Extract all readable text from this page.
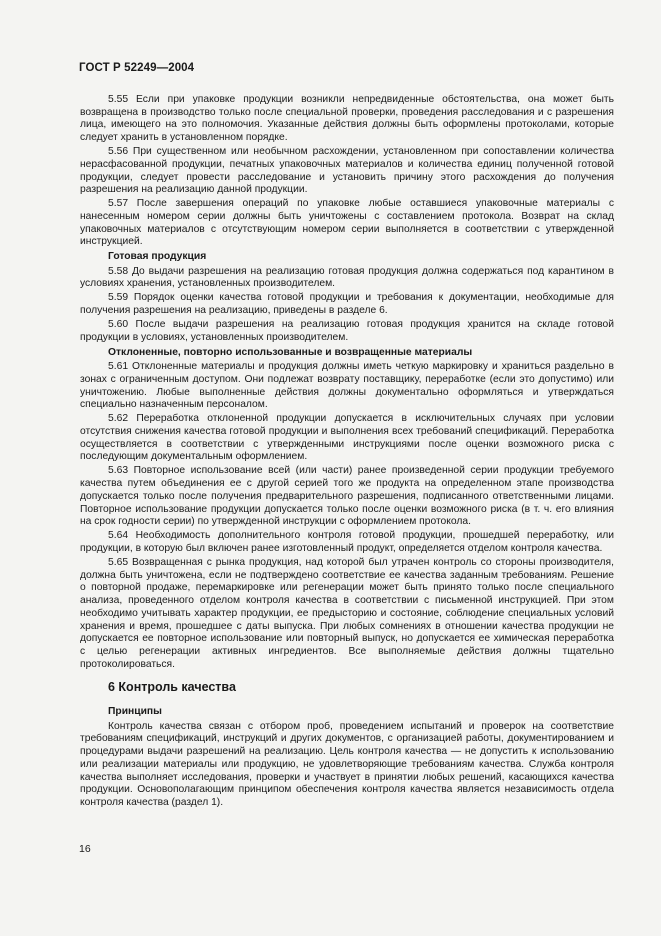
ГОСТ Р 52249—2004

5.55 Если при упаковке продукции возникли непредвиденные обстоятельства, она может быть возвращена в производство только после специальной проверки, проведения расследования и с разрешения лица, имеющего на это полномочия. Указанные действия должны быть оформлены протоколами, которые следует хранить в установленном порядке.

5.56 При существенном или необычном расхождении, установленном при сопоставлении количества нерасфасованной продукции, печатных упаковочных материалов и количества единиц полученной готовой продукции, следует провести расследование и установить причину этого расхождения до получения разрешения на реализацию данной продукции.

5.57 После завершения операций по упаковке любые оставшиеся упаковочные материалы с нанесенным номером серии должны быть уничтожены с составлением протокола. Возврат на склад упаковочных материалов с отсутствующим номером серии выполняется в соответствии с утвержденной инструкцией.

Готовая продукция

5.58 До выдачи разрешения на реализацию готовая продукция должна содержаться под карантином в условиях хранения, установленных производителем.

5.59 Порядок оценки качества готовой продукции и требования к документации, необходимые для получения разрешения на реализацию, приведены в разделе 6.

5.60 После выдачи разрешения на реализацию готовая продукция хранится на складе готовой продукции в условиях, установленных производителем.

Отклоненные, повторно использованные и возвращенные материалы

5.61 Отклоненные материалы и продукция должны иметь четкую маркировку и храниться раздельно в зонах с ограниченным доступом. Они подлежат возврату поставщику, переработке (если это допустимо) или уничтожению. Любые выполненные действия должны документально оформляться и утверждаться специально назначенным персоналом.

5.62 Переработка отклоненной продукции допускается в исключительных случаях при условии отсутствия снижения качества готовой продукции и выполнения всех требований спецификаций. Переработка осуществляется в соответствии с утвержденными инструкциями после оценки возможного риска с последующим документальным оформлением.

5.63 Повторное использование всей (или части) ранее произведенной серии продукции требуемого качества путем объединения ее с другой серией того же продукта на определенном этапе производства допускается только после получения предварительного разрешения, подписанного ответственными лицами. Повторное использование продукции допускается только после оценки возможного риска (в т. ч. его влияния на срок годности серии) по утвержденной инструкции с оформлением протокола.

5.64 Необходимость дополнительного контроля готовой продукции, прошедшей переработку, или продукции, в которую был включен ранее изготовленный продукт, определяется отделом контроля качества.

5.65 Возвращенная с рынка продукция, над которой был утрачен контроль со стороны производителя, должна быть уничтожена, если не подтверждено соответствие ее качества заданным требованиям. Решение о повторной продаже, перемаркировке или регенерации может быть принято только после специального анализа, проведенного отделом контроля качества в соответствии с письменной инструкцией. При этом необходимо учитывать характер продукции, ее предысторию и состояние, соблюдение специальных условий хранения и время, прошедшее с даты выпуска. При любых сомнениях в отношении качества продукции не допускается ее повторное использование или повторный выпуск, но допускается ее химическая переработка с целью регенерации активных ингредиентов. Все выполняемые действия должны тщательно протоколироваться.

6 Контроль качества
Принципы

Контроль качества связан с отбором проб, проведением испытаний и проверок на соответствие требованиям спецификаций, инструкций и других документов, с организацией работы, документированием и процедурами выдачи разрешений на реализацию. Цель контроля качества — не допустить к использованию или реализации материалы или продукцию, не удовлетворяющие требованиям качества. Служба контроля качества выполняет исследования, проверки и участвует в принятии любых решений, касающихся качества продукции. Основополагающим принципом обеспечения контроля качества является независимость отдела контроля качества (раздел 1).

16
